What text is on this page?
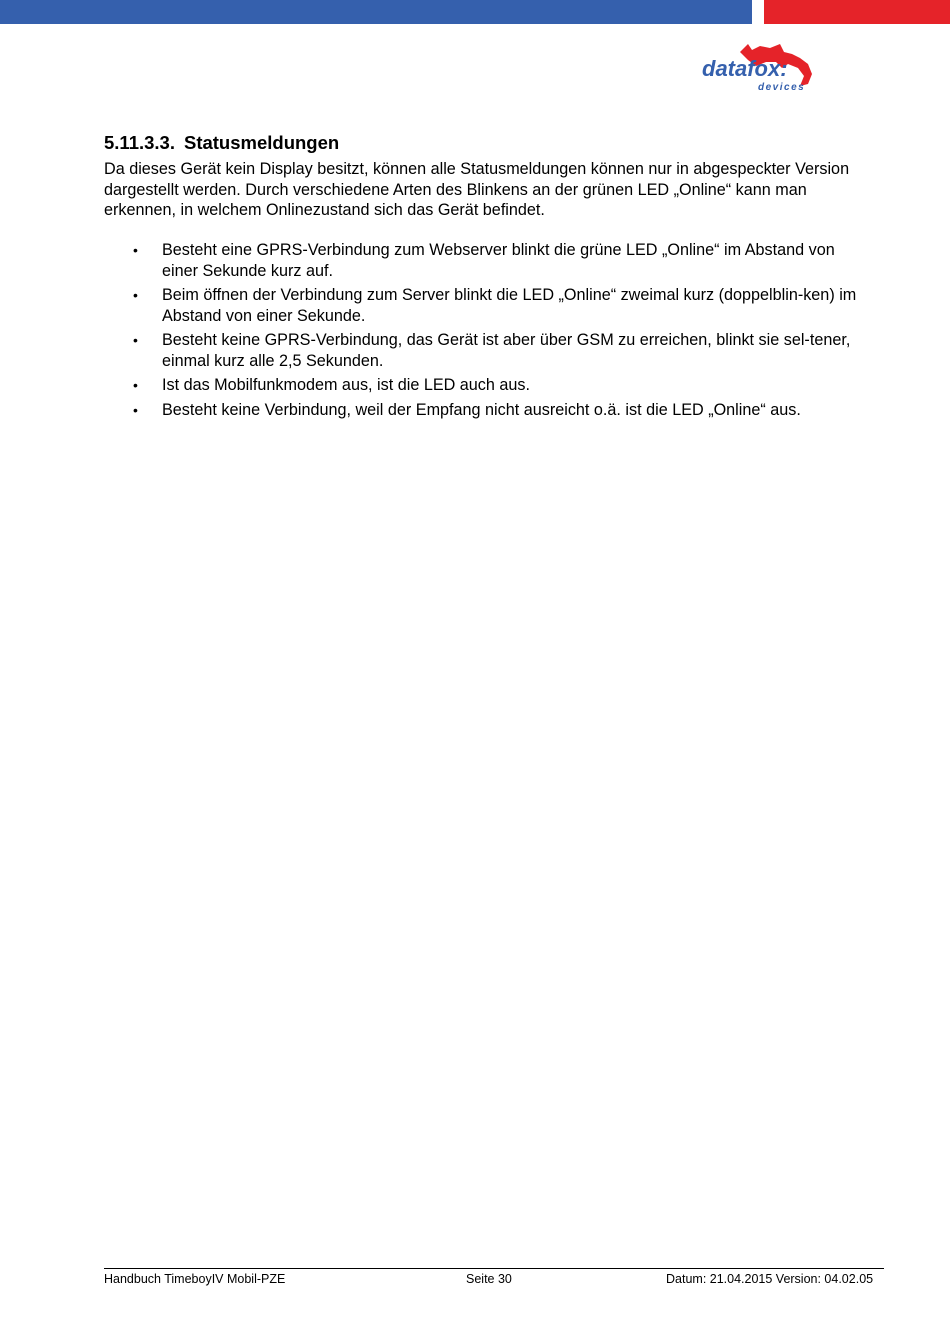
datafox:
devices
5.11.3.3. Statusmeldungen

Da dieses Gerät kein Display besitzt, können alle Statusmeldungen können nur in abgespeckter Version dargestellt werden. Durch verschiedene Arten des Blinkens an der grünen LED „Online“ kann man erkennen, in welchem Onlinezustand sich das Gerät befindet.

• Besteht eine GPRS-Verbindung zum Webserver blinkt die grüne LED „Online“ im Abstand von einer Sekunde kurz auf.
• Beim öffnen der Verbindung zum Server blinkt die LED „Online“ zweimal kurz (doppelblin-ken) im Abstand von einer Sekunde.
• Besteht keine GPRS-Verbindung, das Gerät ist aber über GSM zu erreichen, blinkt sie sel-tener, einmal kurz alle 2,5 Sekunden.
• Ist das Mobilfunkmodem aus, ist die LED auch aus.
• Besteht keine Verbindung, weil der Empfang nicht ausreicht o.ä. ist die LED „Online“ aus.
Handbuch TimeboyIV Mobil-PZE	Seite 30	Datum: 21.04.2015 Version: 04.02.05
